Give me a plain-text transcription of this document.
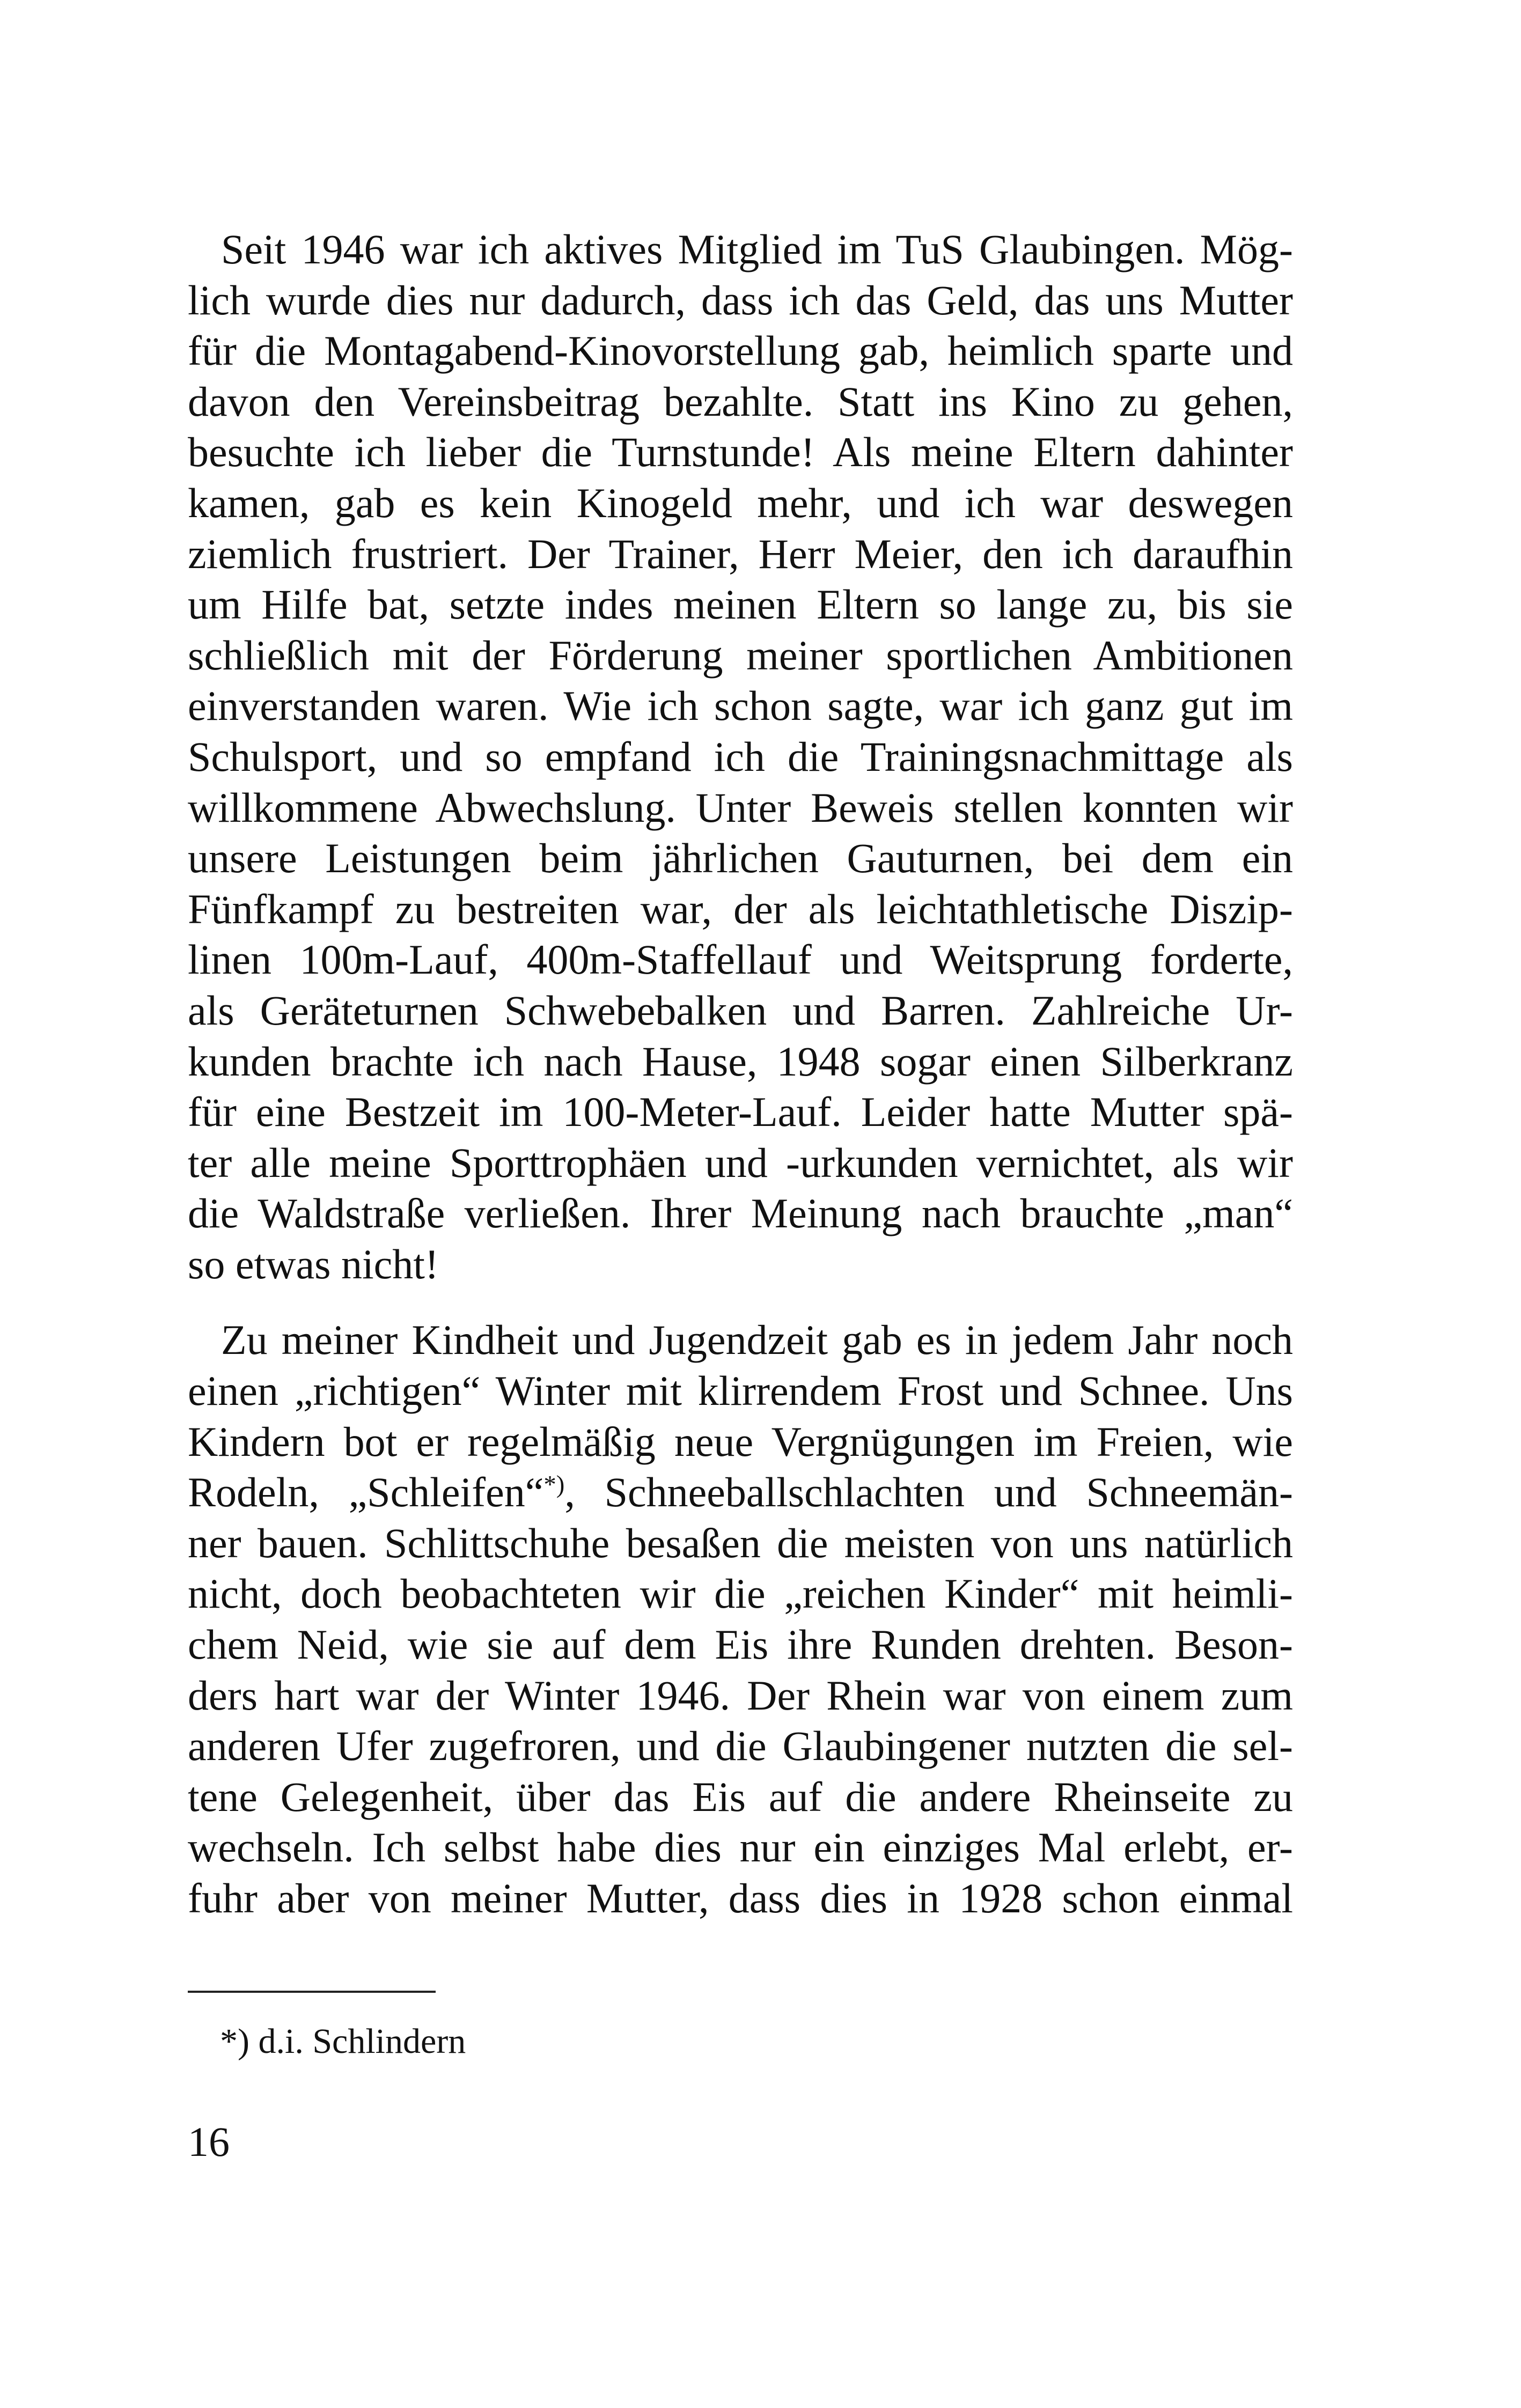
Seit 1946 war ich aktives Mitglied im TuS Glaubingen. Mög-
lich wurde dies nur dadurch, dass ich das Geld, das uns Mutter
für die Montagabend-Kinovorstellung gab, heimlich sparte und
davon den Vereinsbeitrag bezahlte. Statt ins Kino zu gehen,
besuchte ich lieber die Turnstunde! Als meine Eltern dahinter
kamen, gab es kein Kinogeld mehr, und ich war deswegen
ziemlich frustriert. Der Trainer, Herr Meier, den ich daraufhin
um Hilfe bat, setzte indes meinen Eltern so lange zu, bis sie
schließlich mit der Förderung meiner sportlichen Ambitionen
einverstanden waren. Wie ich schon sagte, war ich ganz gut im
Schulsport, und so empfand ich die Trainingsnachmittage als
willkommene Abwechslung. Unter Beweis stellen konnten wir
unsere Leistungen beim jährlichen Gauturnen, bei dem ein
Fünfkampf zu bestreiten war, der als leichtathletische Diszip-
linen 100m-Lauf, 400m-Staffellauf und Weitsprung forderte,
als Geräteturnen Schwebebalken und Barren. Zahlreiche Ur-
kunden brachte ich nach Hause, 1948 sogar einen Silberkranz
für eine Bestzeit im 100-Meter-Lauf. Leider hatte Mutter spä-
ter alle meine Sporttrophäen und -urkunden vernichtet, als wir
die Waldstraße verließen. Ihrer Meinung nach brauchte „man“
so etwas nicht!
Zu meiner Kindheit und Jugendzeit gab es in jedem Jahr noch
einen „richtigen“ Winter mit klirrendem Frost und Schnee. Uns
Kindern bot er regelmäßig neue Vergnügungen im Freien, wie
Rodeln, „Schleifen“*), Schneeballschlachten und Schneemän-
ner bauen. Schlittschuhe besaßen die meisten von uns natürlich
nicht, doch beobachteten wir die „reichen Kinder“ mit heimli-
chem Neid, wie sie auf dem Eis ihre Runden drehten. Beson-
ders hart war der Winter 1946. Der Rhein war von einem zum
anderen Ufer zugefroren, und die Glaubingener nutzten die sel-
tene Gelegenheit, über das Eis auf die andere Rheinseite zu
wechseln. Ich selbst habe dies nur ein einziges Mal erlebt, er-
fuhr aber von meiner Mutter, dass dies in 1928 schon einmal
*) d.i. Schlindern
16
